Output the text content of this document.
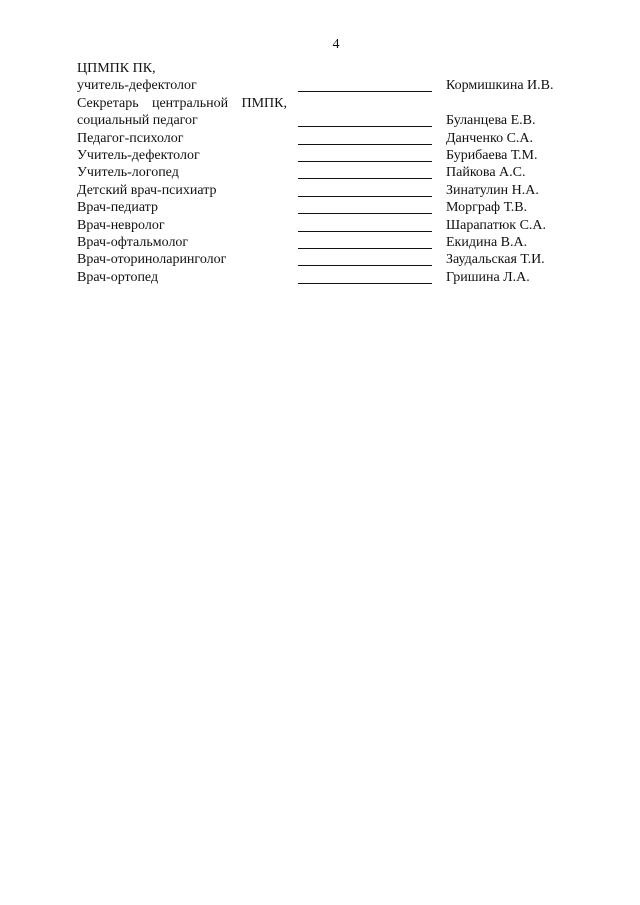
4
ЦПМПК ПК,
учитель-дефектолог	Кормишкина И.В.
Секретарь центральной ПМПК,
социальный педагог	Буланцева Е.В.
Педагог-психолог	Данченко С.А.
Учитель-дефектолог	Бурибаева Т.М.
Учитель-логопед	Пайкова А.С.
Детский врач-психиатр	Зинатулин Н.А.
Врач-педиатр	Морграф Т.В.
Врач-невролог	Шарапатюк С.А.
Врач-офтальмолог	Екидина В.А.
Врач-оториноларинголог	Заудальская Т.И.
Врач-ортопед	Гришина Л.А.
